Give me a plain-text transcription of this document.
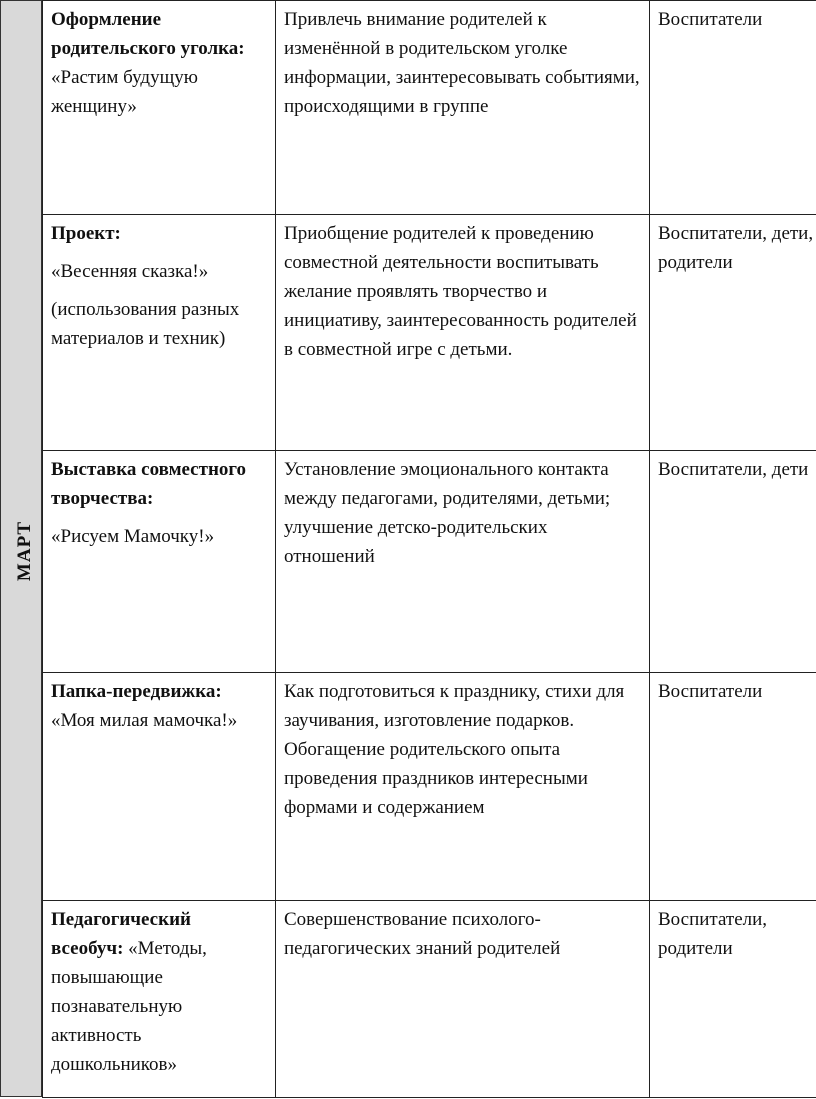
МАРТ
Оформление родительского уголка:
«Растим будущую женщину»	Привлечь внимание родителей к изменённой в родительском уголке информации, заинтересовывать событиями, происходящими в группе	Воспитатели

Проект:
«Весенняя сказка!»
(использования разных материалов и техник)	Приобщение родителей к проведению совместной деятельности воспитывать желание проявлять творчество и инициативу, заинтересованность родителей в совместной игре с детьми.	Воспитатели, дети, родители

Выставка совместного творчества:
«Рисуем Мамочку!»	Установление эмоционального контакта между педагогами, родителями, детьми; улучшение детско-родительских отношений	Воспитатели, дети

Папка-передвижка:
«Моя милая мамочка!»	Как подготовиться к празднику, стихи для заучивания, изготовление подарков. Обогащение родительского опыта проведения праздников интересными формами и содержанием	Воспитатели

Педагогический всеобуч: «Методы, повышающие познавательную активность дошкольников»	Совершенствование психолого-педагогических знаний родителей	Воспитатели, родители
